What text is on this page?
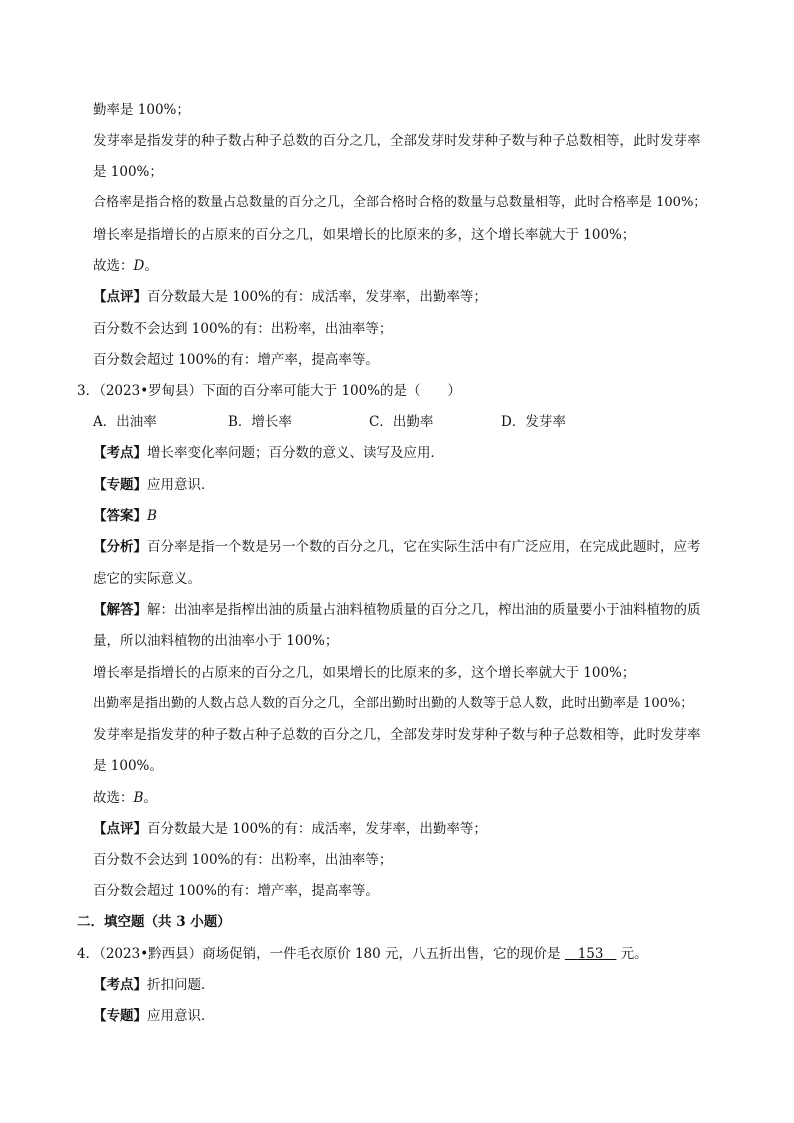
勤率是 100%；
发芽率是指发芽的种子数占种子总数的百分之几，全部发芽时发芽种子数与种子总数相等，此时发芽率
是 100%；
合格率是指合格的数量占总数量的百分之几，全部合格时合格的数量与总数量相等，此时合格率是 100%；
增长率是指增长的占原来的百分之几，如果增长的比原来的多，这个增长率就大于 100%；
故选：D。
【点评】百分数最大是 100%的有：成活率，发芽率，出勤率等；
百分数不会达到 100%的有：出粉率，出油率等；
百分数会超过 100%的有：增产率，提高率等。
3．（2023•罗甸县）下面的百分率可能大于 100%的是（　　）
A．出油率	B．增长率	C．出勤率	D．发芽率
【考点】增长率变化率问题；百分数的意义、读写及应用．
【专题】应用意识．
【答案】B
【分析】百分率是指一个数是另一个数的百分之几，它在实际生活中有广泛应用，在完成此题时，应考
虑它的实际意义。
【解答】解：出油率是指榨出油的质量占油料植物质量的百分之几，榨出油的质量要小于油料植物的质
量，所以油料植物的出油率小于 100%；
增长率是指增长的占原来的百分之几，如果增长的比原来的多，这个增长率就大于 100%；
出勤率是指出勤的人数占总人数的百分之几，全部出勤时出勤的人数等于总人数，此时出勤率是 100%；
发芽率是指发芽的种子数占种子总数的百分之几，全部发芽时发芽种子数与种子总数相等，此时发芽率
是 100%。
故选：B。
【点评】百分数最大是 100%的有：成活率，发芽率，出勤率等；
百分数不会达到 100%的有：出粉率，出油率等；
百分数会超过 100%的有：增产率，提高率等。
二．填空题（共 3 小题）
4．（2023•黔西县）商场促销，一件毛衣原价 180 元，八五折出售，它的现价是 153 元。
【考点】折扣问题．
【专题】应用意识．
